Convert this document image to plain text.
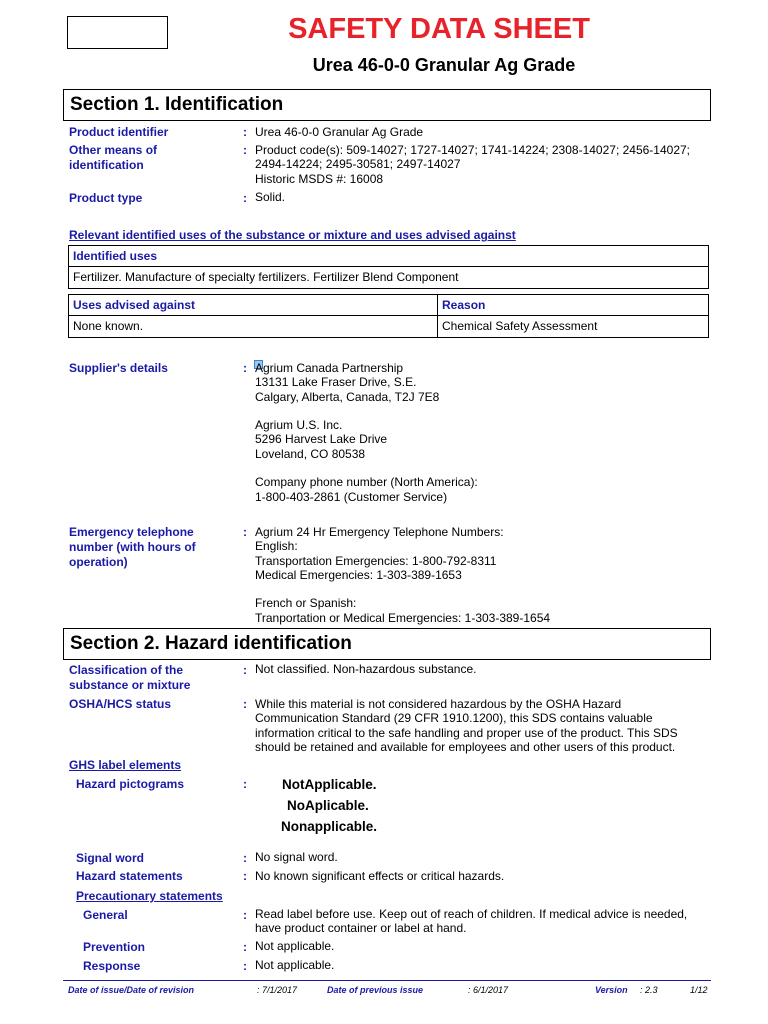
SAFETY DATA SHEET
Urea 46-0-0 Granular Ag Grade
Section 1. Identification
Product identifier	: Urea 46-0-0 Granular Ag Grade
Other means of
identification
: Product code(s): 509-14027; 1727-14027; 1741-14224; 2308-14027; 2456-14027;
2494-14224; 2495-30581; 2497-14027
Historic MSDS #: 16008
Product type	: Solid.
Relevant identified uses of the substance or mixture and uses advised against
Identified uses
Fertilizer. Manufacture of specialty fertilizers. Fertilizer Blend Component
Uses advised against	Reason
None known.	Chemical Safety Assessment
Supplier's details	: Agrium Canada Partnership
13131 Lake Fraser Drive, S.E.
Calgary, Alberta, Canada, T2J 7E8
Agrium U.S. Inc.
5296 Harvest Lake Drive
Loveland, CO 80538
Company phone number (North America):
1-800-403-2861 (Customer Service)
Emergency telephone
number (with hours of
operation)
: Agrium 24 Hr Emergency Telephone Numbers:
English:
Transportation Emergencies: 1-800-792-8311
Medical Emergencies: 1-303-389-1653
French or Spanish:
Tranportation or Medical Emergencies: 1-303-389-1654
Section 2. Hazard identification
Classification of the
substance or mixture
: Not classified. Non-hazardous substance.
OSHA/HCS status	: While this material is not considered hazardous by the OSHA Hazard
Communication Standard (29 CFR 1910.1200), this SDS contains valuable
information critical to the safe handling and proper use of the product. This SDS
should be retained and available for employees and other users of this product.
GHS label elements
Hazard pictograms	:	NotApplicable.
NoAplicable.
Nonapplicable.
Signal word	: No signal word.
Hazard statements	: No known significant effects or critical hazards.
Precautionary statements
General	: Read label before use. Keep out of reach of children. If medical advice is needed,
have product container or label at hand.
Prevention	: Not applicable.
Response	: Not applicable.
Date of issue/Date of revision	: 7/1/2017	Date of previous issue	: 6/1/2017	Version : 2.3	1/12
